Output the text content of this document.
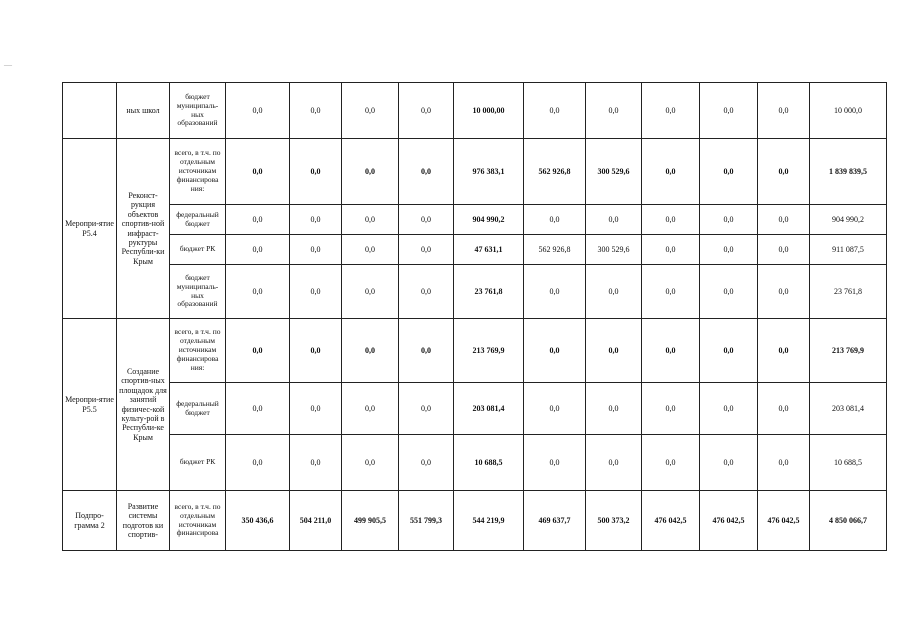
—
	ных школ	бюджет муниципаль-ных образований	0,0	0,0	0,0	0,0	10 000,00	0,0	0,0	0,0	0,0	0,0	10 000,0
Меропри-ятие Р5.4	Реконст-рукция объектов спортив-ной инфраст-руктуры Республи-ки Крым	всего, в т.ч. по отдельным источникам финансирова ния:	0,0	0,0	0,0	0,0	976 383,1	562 926,8	300 529,6	0,0	0,0	0,0	1 839 839,5
		федеральный бюджет	0,0	0,0	0,0	0,0	904 990,2	0,0	0,0	0,0	0,0	0,0	904 990,2
		бюджет РК	0,0	0,0	0,0	0,0	47 631,1	562 926,8	300 529,6	0,0	0,0	0,0	911 087,5
		бюджет муниципаль-ных образований	0,0	0,0	0,0	0,0	23 761,8	0,0	0,0	0,0	0,0	0,0	23 761,8
Меропри-ятие Р5.5	Создание спортив-ных площадок для занятий физичес-кой культу-рой в Республи-ке Крым	всего, в т.ч. по отдельным источникам финансирова ния:	0,0	0,0	0,0	0,0	213 769,9	0,0	0,0	0,0	0,0	0,0	213 769,9
		федеральный бюджет	0,0	0,0	0,0	0,0	203 081,4	0,0	0,0	0,0	0,0	0,0	203 081,4
		бюджет РК	0,0	0,0	0,0	0,0	10 688,5	0,0	0,0	0,0	0,0	0,0	10 688,5
Подпро-грамма 2	Развитие системы подготов ки спортив-	всего, в т.ч. по отдельным источникам финансирова	350 436,6	504 211,0	499 905,5	551 799,3	544 219,9	469 637,7	500 373,2	476 042,5	476 042,5	476 042,5	4 850 066,7
